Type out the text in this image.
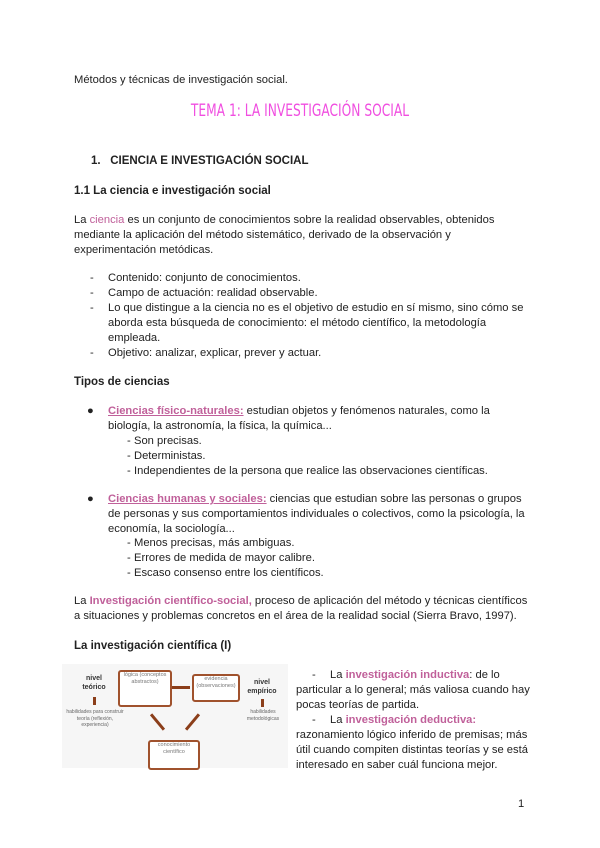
Métodos y técnicas de investigación social.
TEMA 1: LA INVESTIGACIÓN SOCIAL
1. CIENCIA E INVESTIGACIÓN SOCIAL
1.1 La ciencia e investigación social
La ciencia es un conjunto de conocimientos sobre la realidad observables, obtenidos mediante la aplicación del método sistemático, derivado de la observación y experimentación metódicas.
- Contenido: conjunto de conocimientos.
- Campo de actuación: realidad observable.
- Lo que distingue a la ciencia no es el objetivo de estudio en sí mismo, sino cómo se aborda esta búsqueda de conocimiento: el método científico, la metodología empleada.
- Objetivo: analizar, explicar, prever y actuar.
Tipos de ciencias
● Ciencias físico-naturales: estudian objetos y fenómenos naturales, como la biología, la astronomía, la física, la química...
- Son precisas.
- Deterministas.
- Independientes de la persona que realice las observaciones científicas.
● Ciencias humanas y sociales: ciencias que estudian sobre las personas o grupos de personas y sus comportamientos individuales o colectivos, como la psicología, la economía, la sociología...
- Menos precisas, más ambiguas.
- Errores de medida de mayor calibre.
- Escaso consenso entre los científicos.
La Investigación científico-social, proceso de aplicación del método y técnicas científicos a situaciones y problemas concretos en el área de la realidad social (Sierra Bravo, 1997).
La investigación científica (I)
nivel teórico
habilidades para construir teoría (reflexión, experiencia)
lógica (conceptos abstractos)	evidencia (observaciones)	nivel empírico
habilidades metodológicas
conocimiento científico
- La investigación inductiva: de lo particular a lo general; más valiosa cuando hay pocas teorías de partida.
- La investigación deductiva: razonamiento lógico inferido de premisas; más útil cuando compiten distintas teorías y se está interesado en saber cuál funciona mejor.
1
